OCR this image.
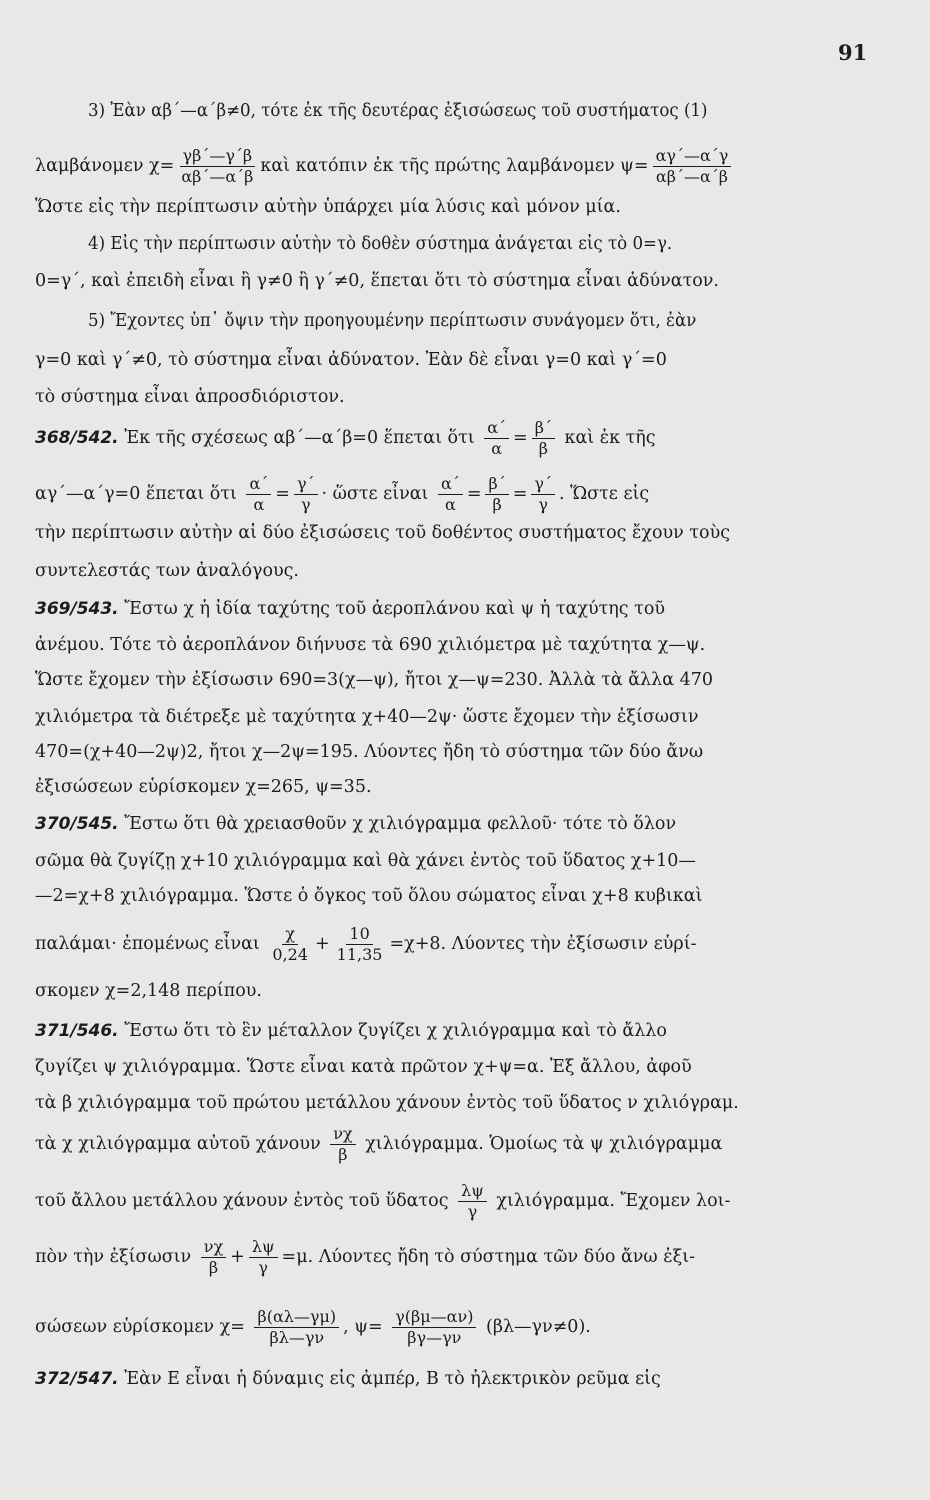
91
3) Ἐὰν αβ΄—α΄β≠0, τότε ἐκ τῆς δευτέρας ἐξισώσεως τοῦ συστήματος (1)
λαμβάνομεν $\chi= \frac{\gamma\beta΄—\gamma΄\beta}{\alpha\beta΄—\alpha΄\beta}$ καὶ κατόπιν ἐκ τῆς πρώτης λαμβάνομεν $\psi= \frac{\alpha\gamma΄—\alpha΄\gamma}{\alpha\beta΄—\alpha΄\beta}$
Ὥστε εἰς τὴν περίπτωσιν αὐτὴν ὑπάρχει μία λύσις καὶ μόνον μία.
4) Εἰς τὴν περίπτωσιν αὐτὴν τὸ δοθὲν σύστημα ἀνάγεται εἰς τὸ 0=γ.
0=γ΄, καὶ ἐπειδὴ εἶναι ἢ γ≠0 ἢ γ΄≠0, ἕπεται ὅτι τὸ σύστημα εἶναι ἀδύνατον.
5) Ἔχοντες ὑπ᾿ ὄψιν τὴν προηγουμένην περίπτωσιν συνάγομεν ὅτι, ἐὰν
γ=0 καὶ γ΄≠0, τὸ σύστημα εἶναι ἀδύνατον. Ἐὰν δὲ εἶναι γ=0 καὶ γ΄=0
τὸ σύστημα εἶναι ἀπροσδιόριστον.
368/542. Ἐκ τῆς σχέσεως αβ΄—α΄β=0 ἕπεται ὅτι $\frac{\alpha΄}{\alpha} = \frac{\beta΄}{\beta}$ καὶ ἐκ τῆς
αγ΄—α΄γ=0 ἕπεται ὅτι $\frac{\alpha΄}{\alpha} = \frac{\gamma΄}{\gamma}$ · ὥστε εἶναι $\frac{\alpha΄}{\alpha} = \frac{\beta΄}{\beta} = \frac{\gamma΄}{\gamma}$ . Ὥστε εἰς
τὴν περίπτωσιν αὐτὴν αἱ δύο ἐξισώσεις τοῦ δοθέντος συστήματος ἔχουν τοὺς
συντελεστάς των ἀναλόγους.
369/543. Ἔστω χ ἡ ἰδία ταχύτης τοῦ ἀεροπλάνου καὶ ψ ἡ ταχύτης τοῦ
ἀνέμου. Τότε τὸ ἀεροπλάνον διήνυσε τὰ 690 χιλιόμετρα μὲ ταχύτητα χ—ψ.
Ὥστε ἔχομεν τὴν ἐξίσωσιν 690=3(χ—ψ), ἤτοι χ—ψ=230. Ἀλλὰ τὰ ἄλλα 470
χιλιόμετρα τὰ διέτρεξε μὲ ταχύτητα χ+40—2ψ· ὥστε ἔχομεν τὴν ἐξίσωσιν
470=(χ+40—2ψ)2, ἤτοι χ—2ψ=195. Λύοντες ἤδη τὸ σύστημα τῶν δύο ἄνω
ἐξισώσεων εὑρίσκομεν χ=265, ψ=35.
370/545. Ἔστω ὅτι θὰ χρειασθοῦν χ χιλιόγραμμα φελλοῦ· τότε τὸ ὅλον
σῶμα θὰ ζυγίζῃ χ+10 χιλιόγραμμα καὶ θὰ χάνει ἐντὸς τοῦ ὕδατος χ+10—
—2=χ+8 χιλιόγραμμα. Ὥστε ὁ ὄγκος τοῦ ὅλου σώματος εἶναι χ+8 κυβικαὶ
παλάμαι· ἐπομένως εἶναι $\frac{\chi}{0,24} + \frac{10}{11,35} =\chi+8$. Λύοντες τὴν ἐξίσωσιν εὑρί-
σκομεν χ=2,148 περίπου.
371/546. Ἔστω ὅτι τὸ ἓν μέταλλον ζυγίζει χ χιλιόγραμμα καὶ τὸ ἄλλο
ζυγίζει ψ χιλιόγραμμα. Ὥστε εἶναι κατὰ πρῶτον χ+ψ=α. Ἐξ ἄλλου, ἀφοῦ
τὰ β χιλιόγραμμα τοῦ πρώτου μετάλλου χάνουν ἐντὸς τοῦ ὕδατος ν χιλιόγραμ.
τὰ χ χιλιόγραμμα αὐτοῦ χάνουν $\frac{\nu\chi}{\beta} \chi\iota\lambda\iota ό\gamma\rho\alpha\mu\mu\alpha$. Ὁμοίως τὰ ψ χιλιόγραμμα
τοῦ ἄλλου μετάλλου χάνουν ἐντὸς τοῦ ὕδατος $\frac{\lambda\psi}{\gamma} \chi\iota\lambda\iota ό\gamma\rho\alpha\mu\mu\alpha$. Ἔχομεν λοι-
πὸν τὴν ἐξίσωσιν $\frac{\nu\chi}{\beta} + \frac{\lambda\psi}{\gamma} =\mu$. Λύοντες ἤδη τὸ σύστημα τῶν δύο ἄνω ἐξι-
σώσεων εὑρίσκομεν $\chi= \frac{\beta(\alpha\lambda—\gamma\mu)}{\beta\lambda—\gamma\nu}$ , $\psi= \frac{\gamma(\beta\mu—\alpha\nu)}{\beta\gamma—\gamma\nu}$ (βλ—γν≠0).
372/547. Ἐὰν Ε εἶναι ἡ δύναμις εἰς ἀμπέρ, Β τὸ ἠλεκτρικὸν ρεῦμα εἰς
